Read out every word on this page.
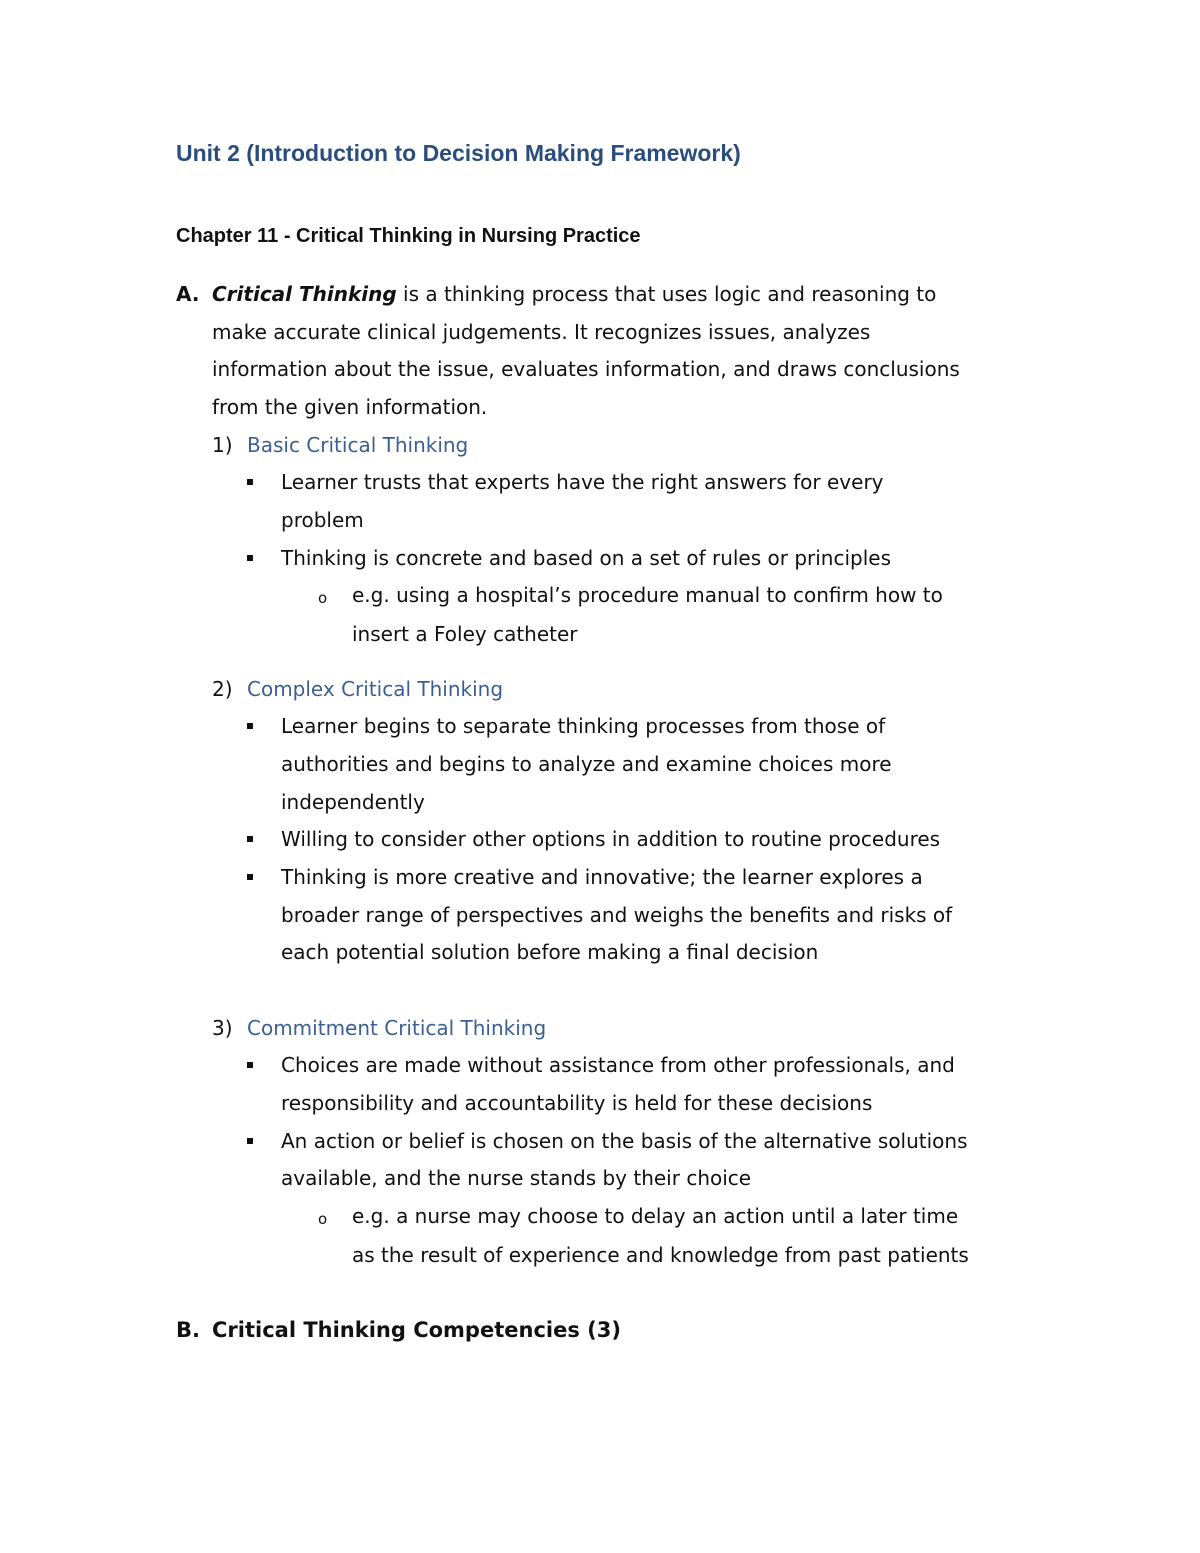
Unit 2 (Introduction to Decision Making Framework)
Chapter 11 - Critical Thinking in Nursing Practice
A. Critical Thinking is a thinking process that uses logic and reasoning to
make accurate clinical judgements. It recognizes issues, analyzes
information about the issue, evaluates information, and draws conclusions
from the given information.
1) Basic Critical Thinking
Learner trusts that experts have the right answers for every
problem
Thinking is concrete and based on a set of rules or principles
o e.g. using a hospital’s procedure manual to confirm how to
insert a Foley catheter
2) Complex Critical Thinking
Learner begins to separate thinking processes from those of
authorities and begins to analyze and examine choices more
independently
Willing to consider other options in addition to routine procedures
Thinking is more creative and innovative; the learner explores a
broader range of perspectives and weighs the benefits and risks of
each potential solution before making a final decision
3) Commitment Critical Thinking
Choices are made without assistance from other professionals, and
responsibility and accountability is held for these decisions
An action or belief is chosen on the basis of the alternative solutions
available, and the nurse stands by their choice
o e.g. a nurse may choose to delay an action until a later time
as the result of experience and knowledge from past patients
B. Critical Thinking Competencies (3)
